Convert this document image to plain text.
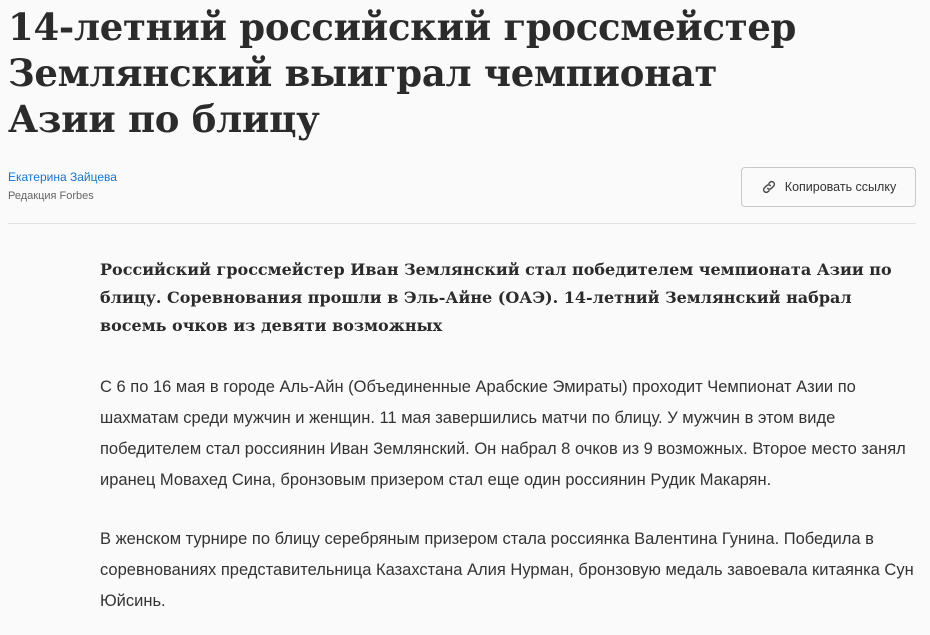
14-летний российский гроссмейстер Землянский выиграл чемпионат Азии по блицу
Екатерина Зайцева
Редакция Forbes
Копировать ссылку

Российский гроссмейстер Иван Землянский стал победителем чемпионата Азии по блицу. Соревнования прошли в Эль-Айне (ОАЭ). 14-летний Землянский набрал восемь очков из девяти возможных

С 6 по 16 мая в городе Аль-Айн (Объединенные Арабские Эмираты) проходит Чемпионат Азии по шахматам среди мужчин и женщин. 11 мая завершились матчи по блицу. У мужчин в этом виде победителем стал россиянин Иван Землянский. Он набрал 8 очков из 9 возможных. Второе место занял иранец Мовахед Сина, бронзовым призером стал еще один россиянин Рудик Макарян.

В женском турнире по блицу серебряным призером стала россиянка Валентина Гунина. Победила в соревнованиях представительница Казахстана Алия Нурман, бронзовую медаль завоевала китаянка Сун Юйсинь.
